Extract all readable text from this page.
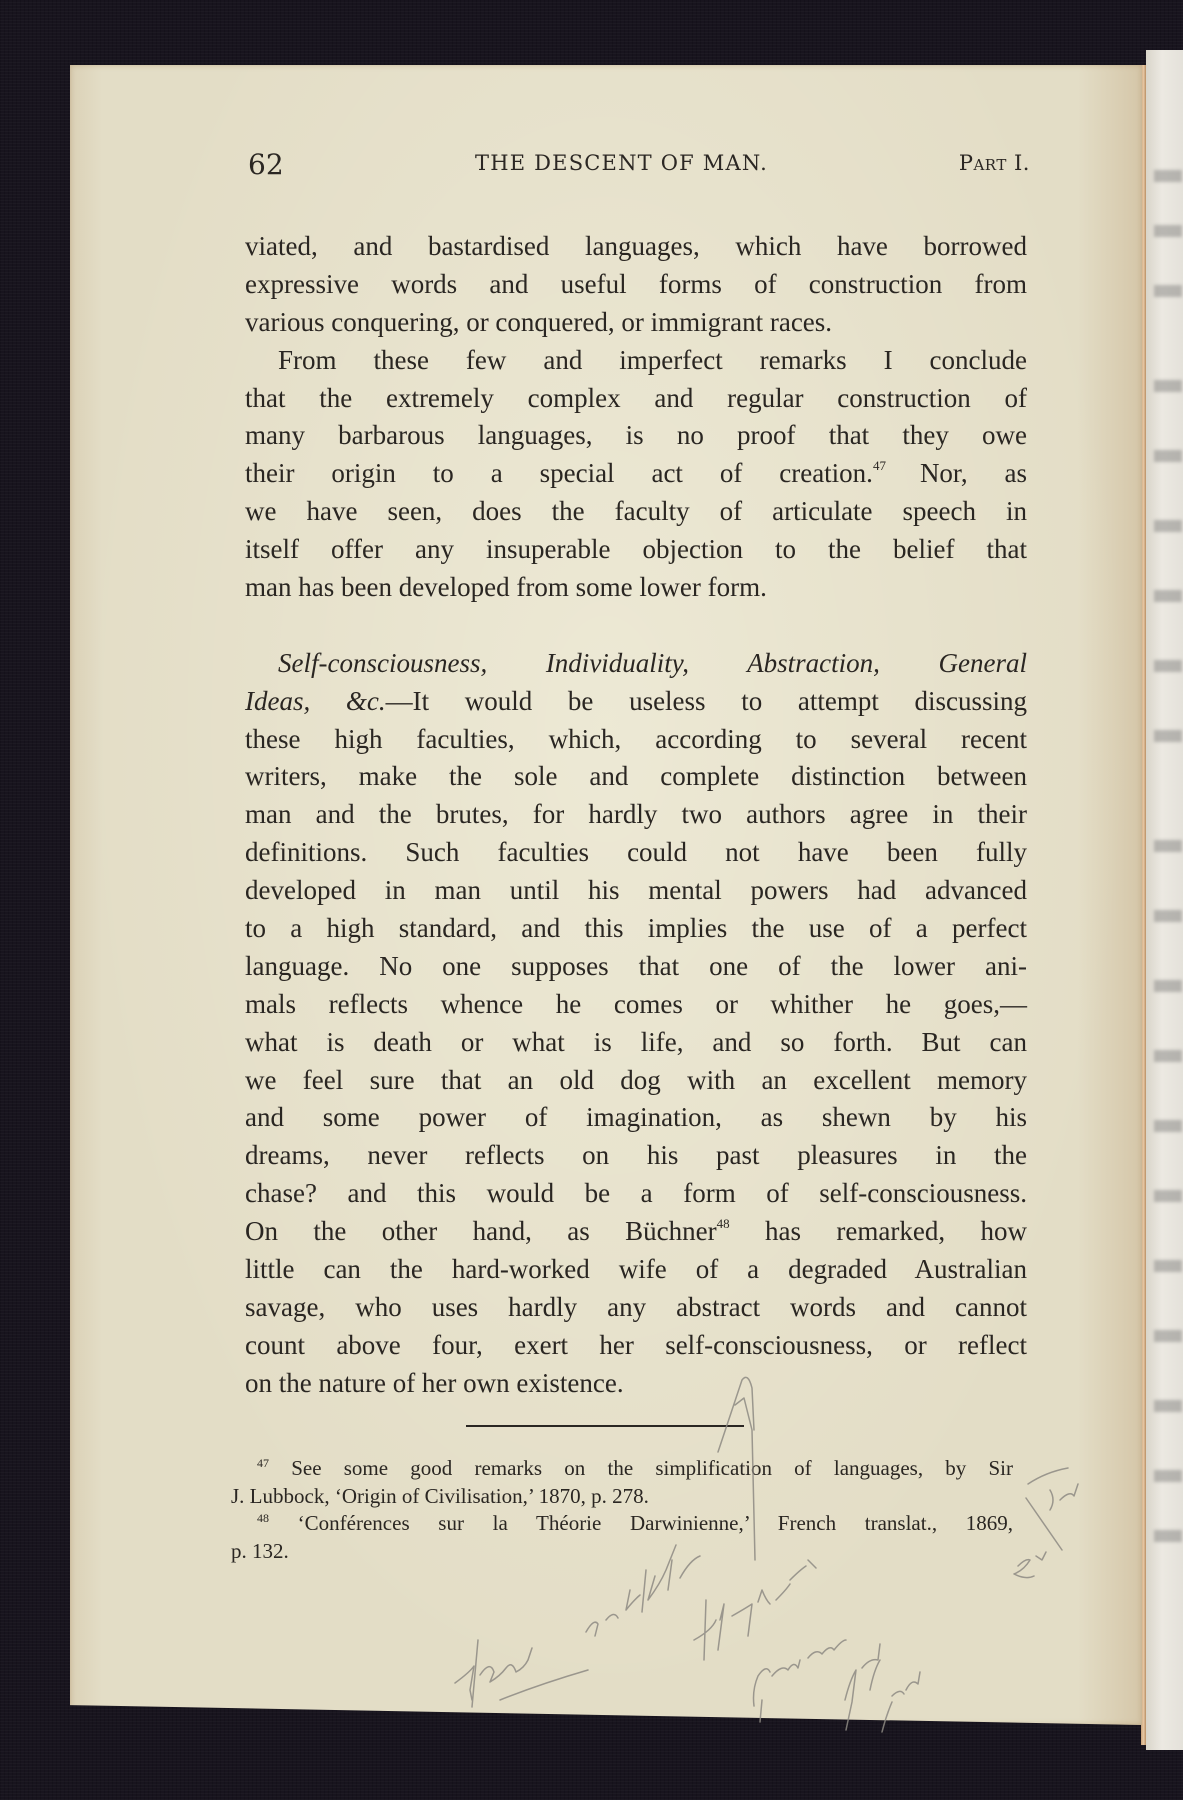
62	THE DESCENT OF MAN.	Part I.
viated, and bastardised languages, which have borrowed
expressive words and useful forms of construction from
various conquering, or conquered, or immigrant races.
From these few and imperfect remarks I conclude
that the extremely complex and regular construction of
many barbarous languages, is no proof that they owe
their origin to a special act of creation.$^{47}$ Nor, as
we have seen, does the faculty of articulate speech in
itself offer any insuperable objection to the belief that
man has been developed from some lower form.
Self-consciousness, Individuality, Abstraction, General
Ideas, &c.—It would be useless to attempt discussing
these high faculties, which, according to several recent
writers, make the sole and complete distinction between
man and the brutes, for hardly two authors agree in their
definitions. Such faculties could not have been fully
developed in man until his mental powers had advanced
to a high standard, and this implies the use of a perfect
language. No one supposes that one of the lower ani-
mals reflects whence he comes or whither he goes,—
what is death or what is life, and so forth. But can
we feel sure that an old dog with an excellent memory
and some power of imagination, as shewn by his
dreams, never reflects on his past pleasures in the
chase? and this would be a form of self-consciousness.
On the other hand, as Büchner$^{48}$ has remarked, how
little can the hard-worked wife of a degraded Australian
savage, who uses hardly any abstract words and cannot
count above four, exert her self-consciousness, or reflect
on the nature of her own existence.
$^{47}$ See some good remarks on the simplification of languages, by Sir
J. Lubbock, ‘Origin of Civilisation,’ 1870, p. 278.
$^{48}$ ‘Conférences sur la Théorie Darwinienne,’ French translat., 1869,
p. 132.
